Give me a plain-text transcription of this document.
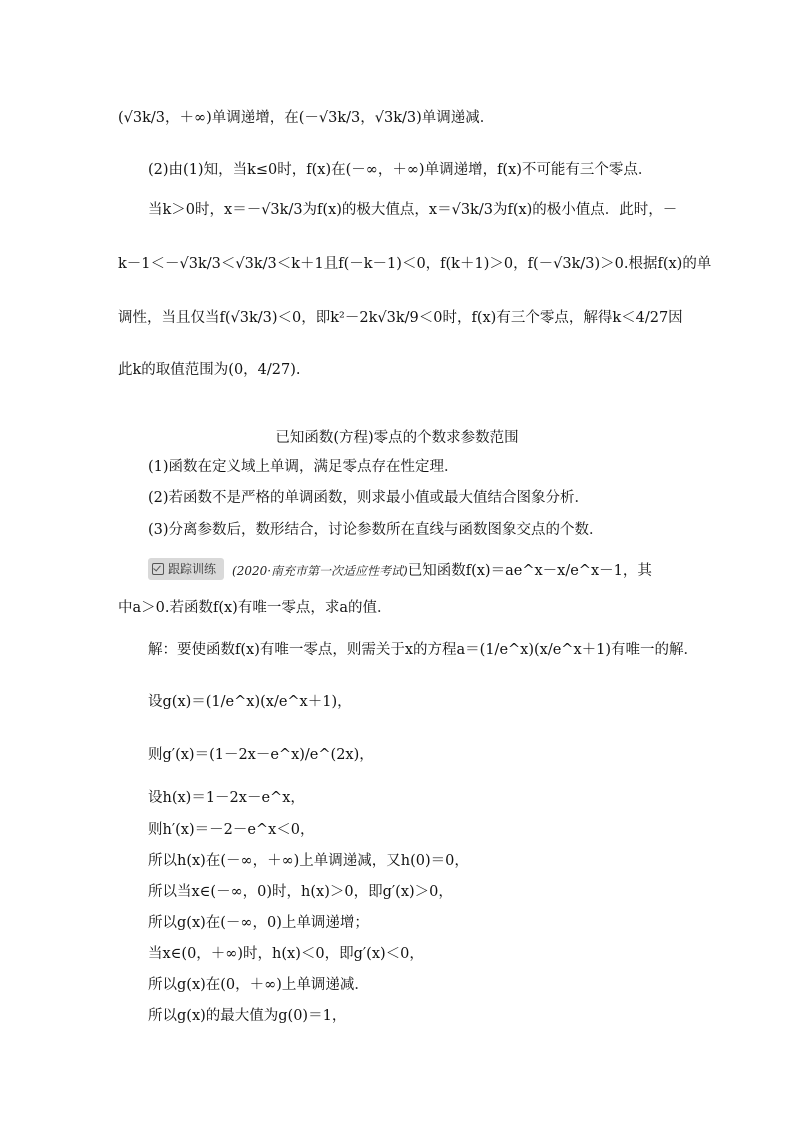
(√3k/3，＋∞)单调递增，在(－√3k/3，√3k/3)单调递减．
(2)由(1)知，当k≤0时，f(x)在(－∞，＋∞)单调递增，f(x)不可能有三个零点．
当k＞0时，x＝－√3k/3为f(x)的极大值点，x＝√3k/3为f(x)的极小值点．此时，－
k－1＜－√3k/3＜√3k/3＜k＋1且f(－k－1)＜0，f(k＋1)＞0，f(－√3k/3)＞0.根据f(x)的单
调性，当且仅当f(√3k/3)＜0，即k²－2k√3k/9＜0时，f(x)有三个零点，解得k＜4/27因
此k的取值范围为(0，4/27).
已知函数(方程)零点的个数求参数范围
(1)函数在定义域上单调，满足零点存在性定理．
(2)若函数不是严格的单调函数，则求最小值或最大值结合图象分析．
(3)分离参数后，数形结合，讨论参数所在直线与函数图象交点的个数．
跟踪训练 (2020·南充市第一次适应性考试)已知函数f(x)＝ae^x－x/e^x－1，其
中a＞0.若函数f(x)有唯一零点，求a的值．
解：要使函数f(x)有唯一零点，则需关于x的方程a＝(1/e^x)(x/e^x＋1)有唯一的解．
设g(x)＝(1/e^x)(x/e^x＋1)，
则g′(x)＝(1－2x－e^x)/e^(2x)，
设h(x)＝1－2x－e^x，
则h′(x)＝－2－e^x＜0，
所以h(x)在(－∞，＋∞)上单调递减，又h(0)＝0，
所以当x∈(－∞，0)时，h(x)＞0，即g′(x)＞0，
所以g(x)在(－∞，0)上单调递增；
当x∈(0，＋∞)时，h(x)＜0，即g′(x)＜0，
所以g(x)在(0，＋∞)上单调递减．
所以g(x)的最大值为g(0)＝1，
